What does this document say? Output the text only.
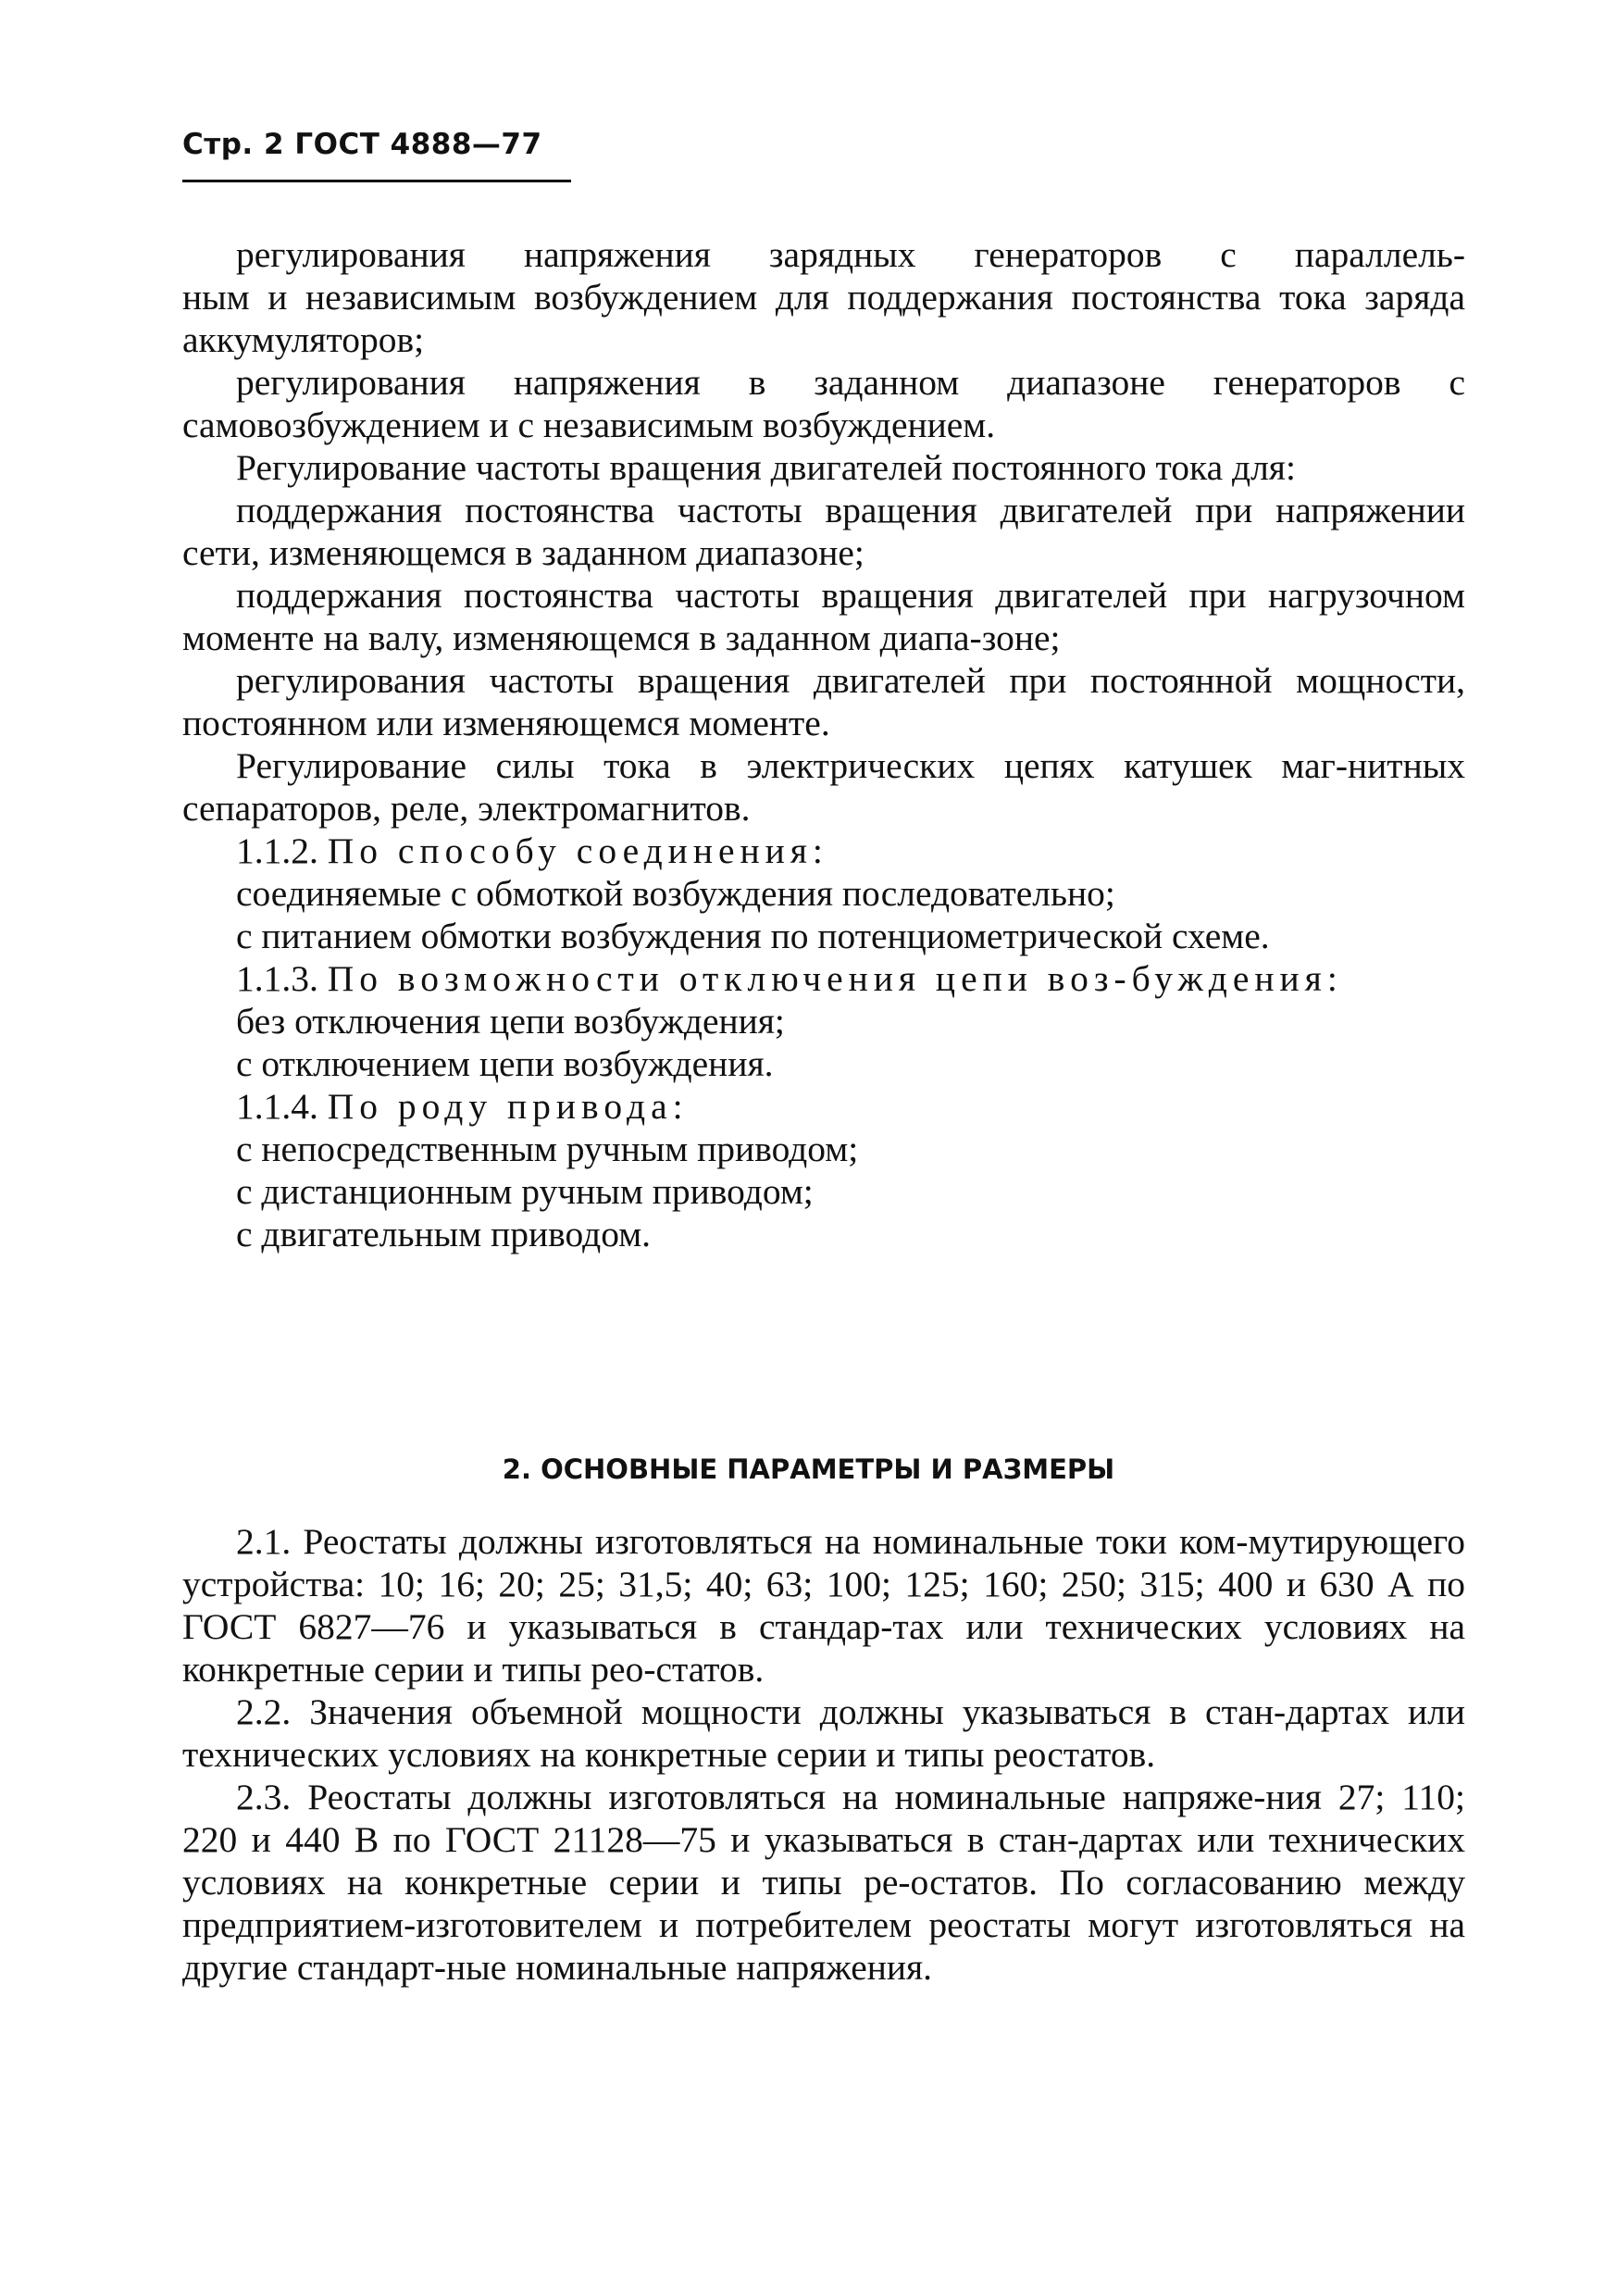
Стр. 2 ГОСТ 4888—77

регулирования напряжения зарядных генераторов с параллель-

ным и независимым возбуждением для поддержания постоянства тока заряда аккумуляторов;

регулирования напряжения в заданном диапазоне генераторов с самовозбуждением и с независимым возбуждением.

Регулирование частоты вращения двигателей постоянного тока для:

поддержания постоянства частоты вращения двигателей при напряжении сети, изменяющемся в заданном диапазоне;

поддержания постоянства частоты вращения двигателей при нагрузочном моменте на валу, изменяющемся в заданном диапа-зоне;

регулирования частоты вращения двигателей при постоянной мощности, постоянном или изменяющемся моменте.

Регулирование силы тока в электрических цепях катушек маг-нитных сепараторов, реле, электромагнитов.

1.1.2. По способу соединения:

соединяемые с обмоткой возбуждения последовательно;

с питанием обмотки возбуждения по потенциометрической схеме.

1.1.3. По возможности отключения цепи воз-буждения:

без отключения цепи возбуждения;

с отключением цепи возбуждения.

1.1.4. По роду привода:

с непосредственным ручным приводом;

с дистанционным ручным приводом;

с двигательным приводом.

2. ОСНОВНЫЕ ПАРАМЕТРЫ И РАЗМЕРЫ

2.1. Реостаты должны изготовляться на номинальные токи ком-мутирующего устройства: 10; 16; 20; 25; 31,5; 40; 63; 100; 125; 160; 250; 315; 400 и 630 А по ГОСТ 6827—76 и указываться в стандар-тах или технических условиях на конкретные серии и типы рео-статов.

2.2. Значения объемной мощности должны указываться в стан-дартах или технических условиях на конкретные серии и типы реостатов.

2.3. Реостаты должны изготовляться на номинальные напряже-ния 27; 110; 220 и 440 В по ГОСТ 21128—75 и указываться в стан-дартах или технических условиях на конкретные серии и типы ре-остатов. По согласованию между предприятием-изготовителем и потребителем реостаты могут изготовляться на другие стандарт-ные номинальные напряжения.
